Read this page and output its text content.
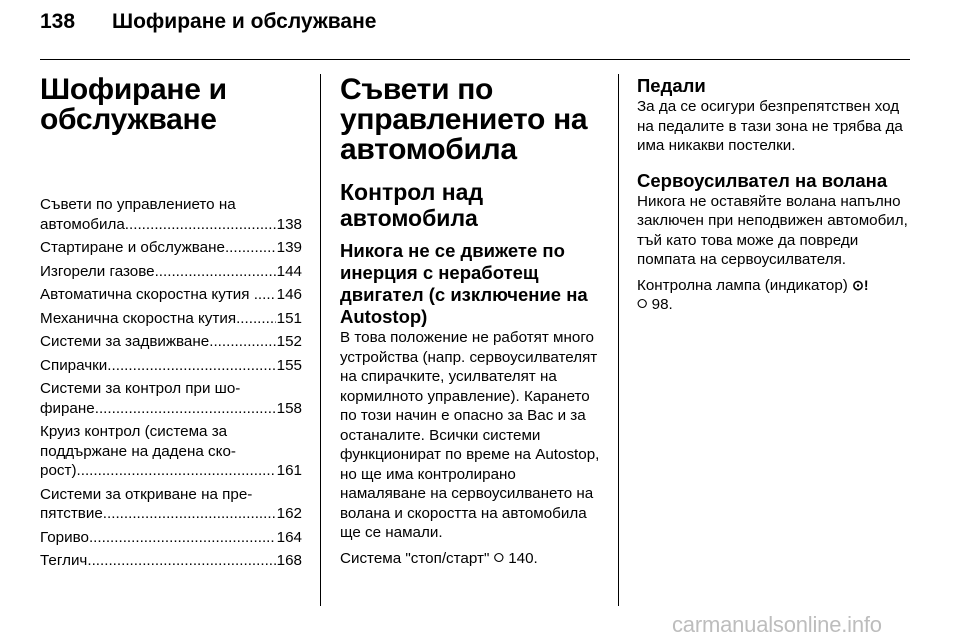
138 Шофиране и обслужване
Шофиране и обслужване
Съвети по управлението на
автомобила .....	138
Стартиране и обслужване .....	139
Изгорели газове .....	144
Автоматична скоростна кутия . ..... 146
Механична скоростна кутия .....	151
Системи за задвижване .....	152
Спирачки .....	155
Системи за контрол при шо-
фиране .....	158
Круиз контрол (система за
поддържане на дадена ско-
рост) .....	161
Системи за откриване на пре-
пятствие .....	162
Гориво .....	164
Теглич .....	168
Съвети по управлението на автомобила
Контрол над автомобила
Никога не се движете по инерция с неработещ двигател (с изключение на Autostop)

В това положение не работят много устройства (напр. сервоусилвателят на спирачките, усилвателят на кормилното управление). Карането по този начин е опасно за Вас и за останалите. Всички системи функционират по време на Autostop, но ще има контролирано намаляване на сервоусилването на волана и скоростта на автомобила ще се намали.

Система "стоп/старт" ⭘ 140.

Педали

За да се осигури безпрепятствен ход на педалите в тази зона не трябва да има никакви постелки.

Сервоусилвател на волана

Никога не оставяйте волана напълно заключен при неподвижен автомобил, тъй като това може да повреди помпата на сервоусилвателя.

Контролна лампа (индикатор) ⊙!
⭘ 98.

carmanualsonline.info
